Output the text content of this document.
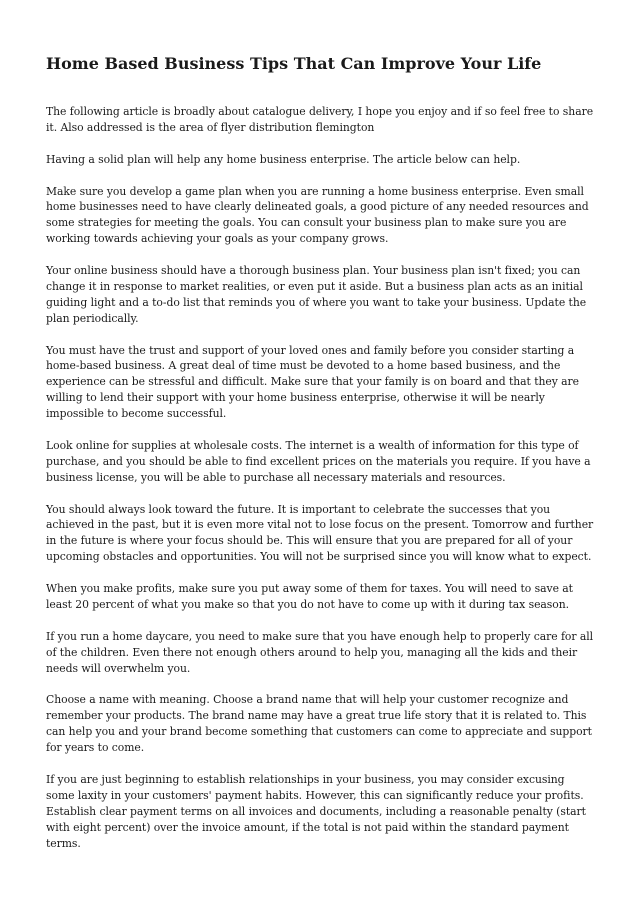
Home Based Business Tips That Can Improve Your Life

The following article is broadly about catalogue delivery, I hope you enjoy and if so feel free to share it. Also addressed is the area of flyer distribution flemington

Having a solid plan will help any home business enterprise. The article below can help.

Make sure you develop a game plan when you are running a home business enterprise. Even small home businesses need to have clearly delineated goals, a good picture of any needed resources and some strategies for meeting the goals. You can consult your business plan to make sure you are working towards achieving your goals as your company grows.

Your online business should have a thorough business plan. Your business plan isn't fixed; you can change it in response to market realities, or even put it aside. But a business plan acts as an initial guiding light and a to-do list that reminds you of where you want to take your business. Update the plan periodically.

You must have the trust and support of your loved ones and family before you consider starting a home-based business. A great deal of time must be devoted to a home based business, and the experience can be stressful and difficult. Make sure that your family is on board and that they are willing to lend their support with your home business enterprise, otherwise it will be nearly impossible to become successful.

Look online for supplies at wholesale costs. The internet is a wealth of information for this type of purchase, and you should be able to find excellent prices on the materials you require. If you have a business license, you will be able to purchase all necessary materials and resources.

You should always look toward the future. It is important to celebrate the successes that you achieved in the past, but it is even more vital not to lose focus on the present. Tomorrow and further in the future is where your focus should be. This will ensure that you are prepared for all of your upcoming obstacles and opportunities. You will not be surprised since you will know what to expect.

When you make profits, make sure you put away some of them for taxes. You will need to save at least 20 percent of what you make so that you do not have to come up with it during tax season.

If you run a home daycare, you need to make sure that you have enough help to properly care for all of the children. Even there not enough others around to help you, managing all the kids and their needs will overwhelm you.

Choose a name with meaning. Choose a brand name that will help your customer recognize and remember your products. The brand name may have a great true life story that it is related to. This can help you and your brand become something that customers can come to appreciate and support for years to come.

If you are just beginning to establish relationships in your business, you may consider excusing some laxity in your customers' payment habits. However, this can significantly reduce your profits. Establish clear payment terms on all invoices and documents, including a reasonable penalty (start with eight percent) over the invoice amount, if the total is not paid within the standard payment terms.
